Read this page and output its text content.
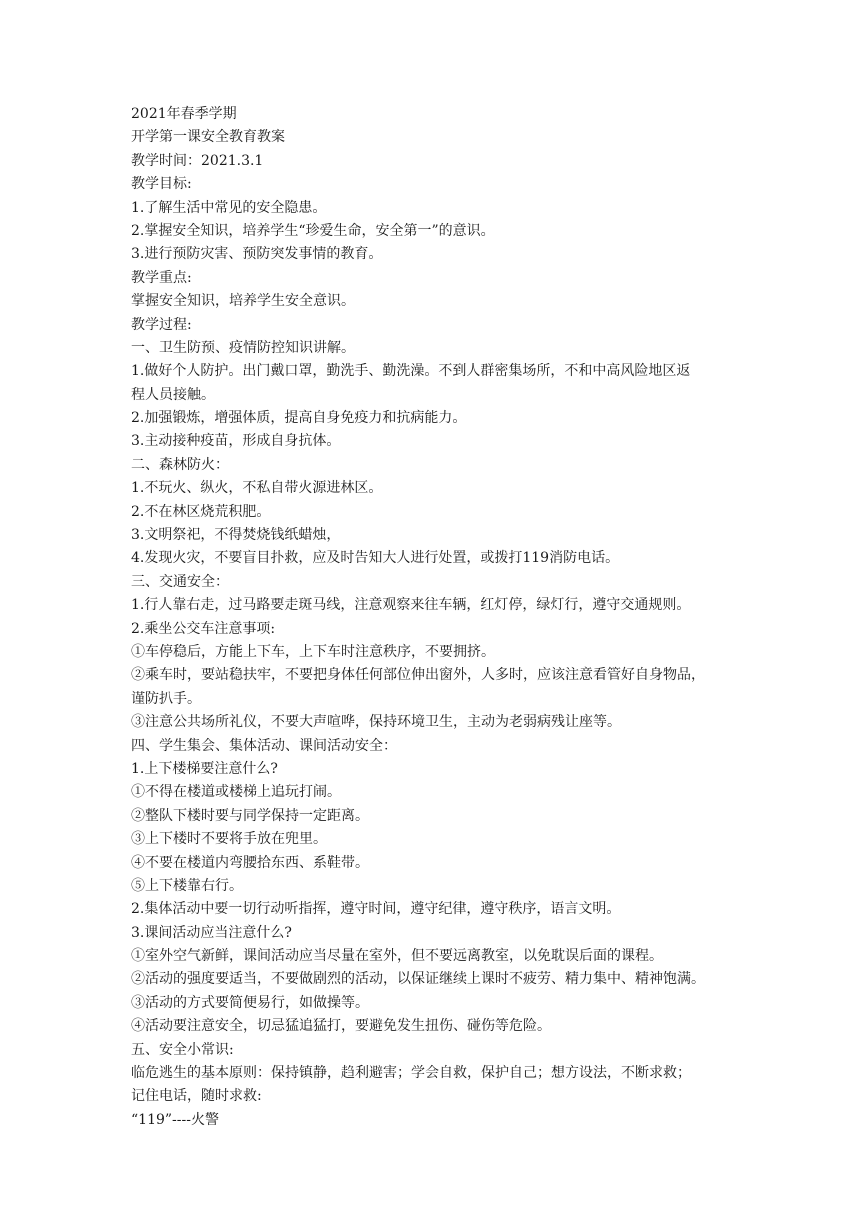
2021年春季学期
开学第一课安全教育教案
教学时间：2021.3.1
教学目标:
1.了解生活中常见的安全隐患。
2.掌握安全知识，培养学生“珍爱生命，安全第一”的意识。
3.进行预防灾害、预防突发事情的教育。
教学重点:
掌握安全知识，培养学生安全意识。
教学过程:
一、卫生防预、疫情防控知识讲解。
1.做好个人防护。出门戴口罩，勤洗手、勤洗澡。不到人群密集场所，不和中高风险地区返
程人员接触。
2.加强锻炼，增强体质，提高自身免疫力和抗病能力。
3.主动接种疫苗，形成自身抗体。
二、森林防火：
1.不玩火、纵火，不私自带火源进林区。
2.不在林区烧荒积肥。
3.文明祭祀，不得焚烧钱纸蜡烛，
4.发现火灾，不要盲目扑救，应及时告知大人进行处置，或拨打119消防电话。
三、交通安全：
1.行人靠右走，过马路要走斑马线，注意观察来往车辆，红灯停，绿灯行，遵守交通规则。
2.乘坐公交车注意事项:
①车停稳后，方能上下车，上下车时注意秩序，不要拥挤。
②乘车时，要站稳扶牢，不要把身体任何部位伸出窗外，人多时，应该注意看管好自身物品，
谨防扒手。
③注意公共场所礼仪，不要大声喧哗，保持环境卫生，主动为老弱病残让座等。
四、学生集会、集体活动、课间活动安全：
1.上下楼梯要注意什么?
①不得在楼道或楼梯上追玩打闹。
②整队下楼时要与同学保持一定距离。
③上下楼时不要将手放在兜里。
④不要在楼道内弯腰拾东西、系鞋带。
⑤上下楼靠右行。
2.集体活动中要一切行动听指挥，遵守时间，遵守纪律，遵守秩序，语言文明。
3.课间活动应当注意什么?
①室外空气新鲜，课间活动应当尽量在室外，但不要远离教室，以免耽误后面的课程。
②活动的强度要适当，不要做剧烈的活动，以保证继续上课时不疲劳、精力集中、精神饱满。
③活动的方式要简便易行，如做操等。
④活动要注意安全，切忌猛追猛打，要避免发生扭伤、碰伤等危险。
五、安全小常识:
临危逃生的基本原则：保持镇静，趋利避害；学会自救，保护自己；想方设法，不断求救；
记住电话，随时求救:
“119”----火警
